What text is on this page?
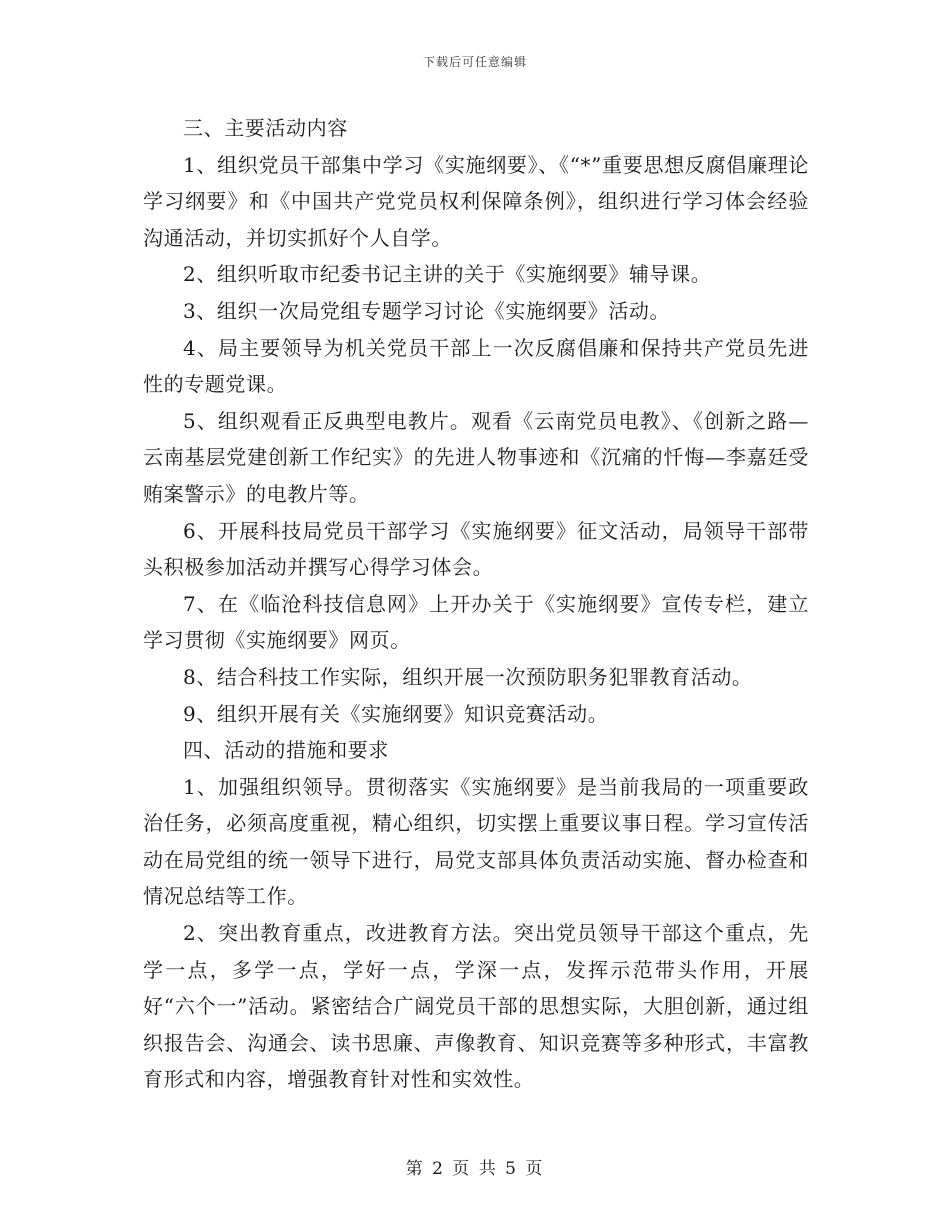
下载后可任意编辑

三、主要活动内容

1、组织党员干部集中学习《实施纲要》、《“*”重要思想反腐倡廉理论学习纲要》和《中国共产党党员权利保障条例》，组织进行学习体会经验沟通活动，并切实抓好个人自学。

2、组织听取市纪委书记主讲的关于《实施纲要》辅导课。

3、组织一次局党组专题学习讨论《实施纲要》活动。

4、局主要领导为机关党员干部上一次反腐倡廉和保持共产党员先进性的专题党课。

5、组织观看正反典型电教片。观看《云南党员电教》、《创新之路—云南基层党建创新工作纪实》的先进人物事迹和《沉痛的忏悔—李嘉廷受贿案警示》的电教片等。

6、开展科技局党员干部学习《实施纲要》征文活动，局领导干部带头积极参加活动并撰写心得学习体会。

7、在《临沧科技信息网》上开办关于《实施纲要》宣传专栏，建立学习贯彻《实施纲要》网页。

8、结合科技工作实际，组织开展一次预防职务犯罪教育活动。

9、组织开展有关《实施纲要》知识竞赛活动。

四、活动的措施和要求

1、加强组织领导。贯彻落实《实施纲要》是当前我局的一项重要政治任务，必须高度重视，精心组织，切实摆上重要议事日程。学习宣传活动在局党组的统一领导下进行，局党支部具体负责活动实施、督办检查和情况总结等工作。

2、突出教育重点，改进教育方法。突出党员领导干部这个重点，先学一点，多学一点，学好一点，学深一点，发挥示范带头作用，开展好“六个一”活动。紧密结合广阔党员干部的思想实际，大胆创新，通过组织报告会、沟通会、读书思廉、声像教育、知识竞赛等多种形式，丰富教育形式和内容，增强教育针对性和实效性。

第 2 页 共 5 页
